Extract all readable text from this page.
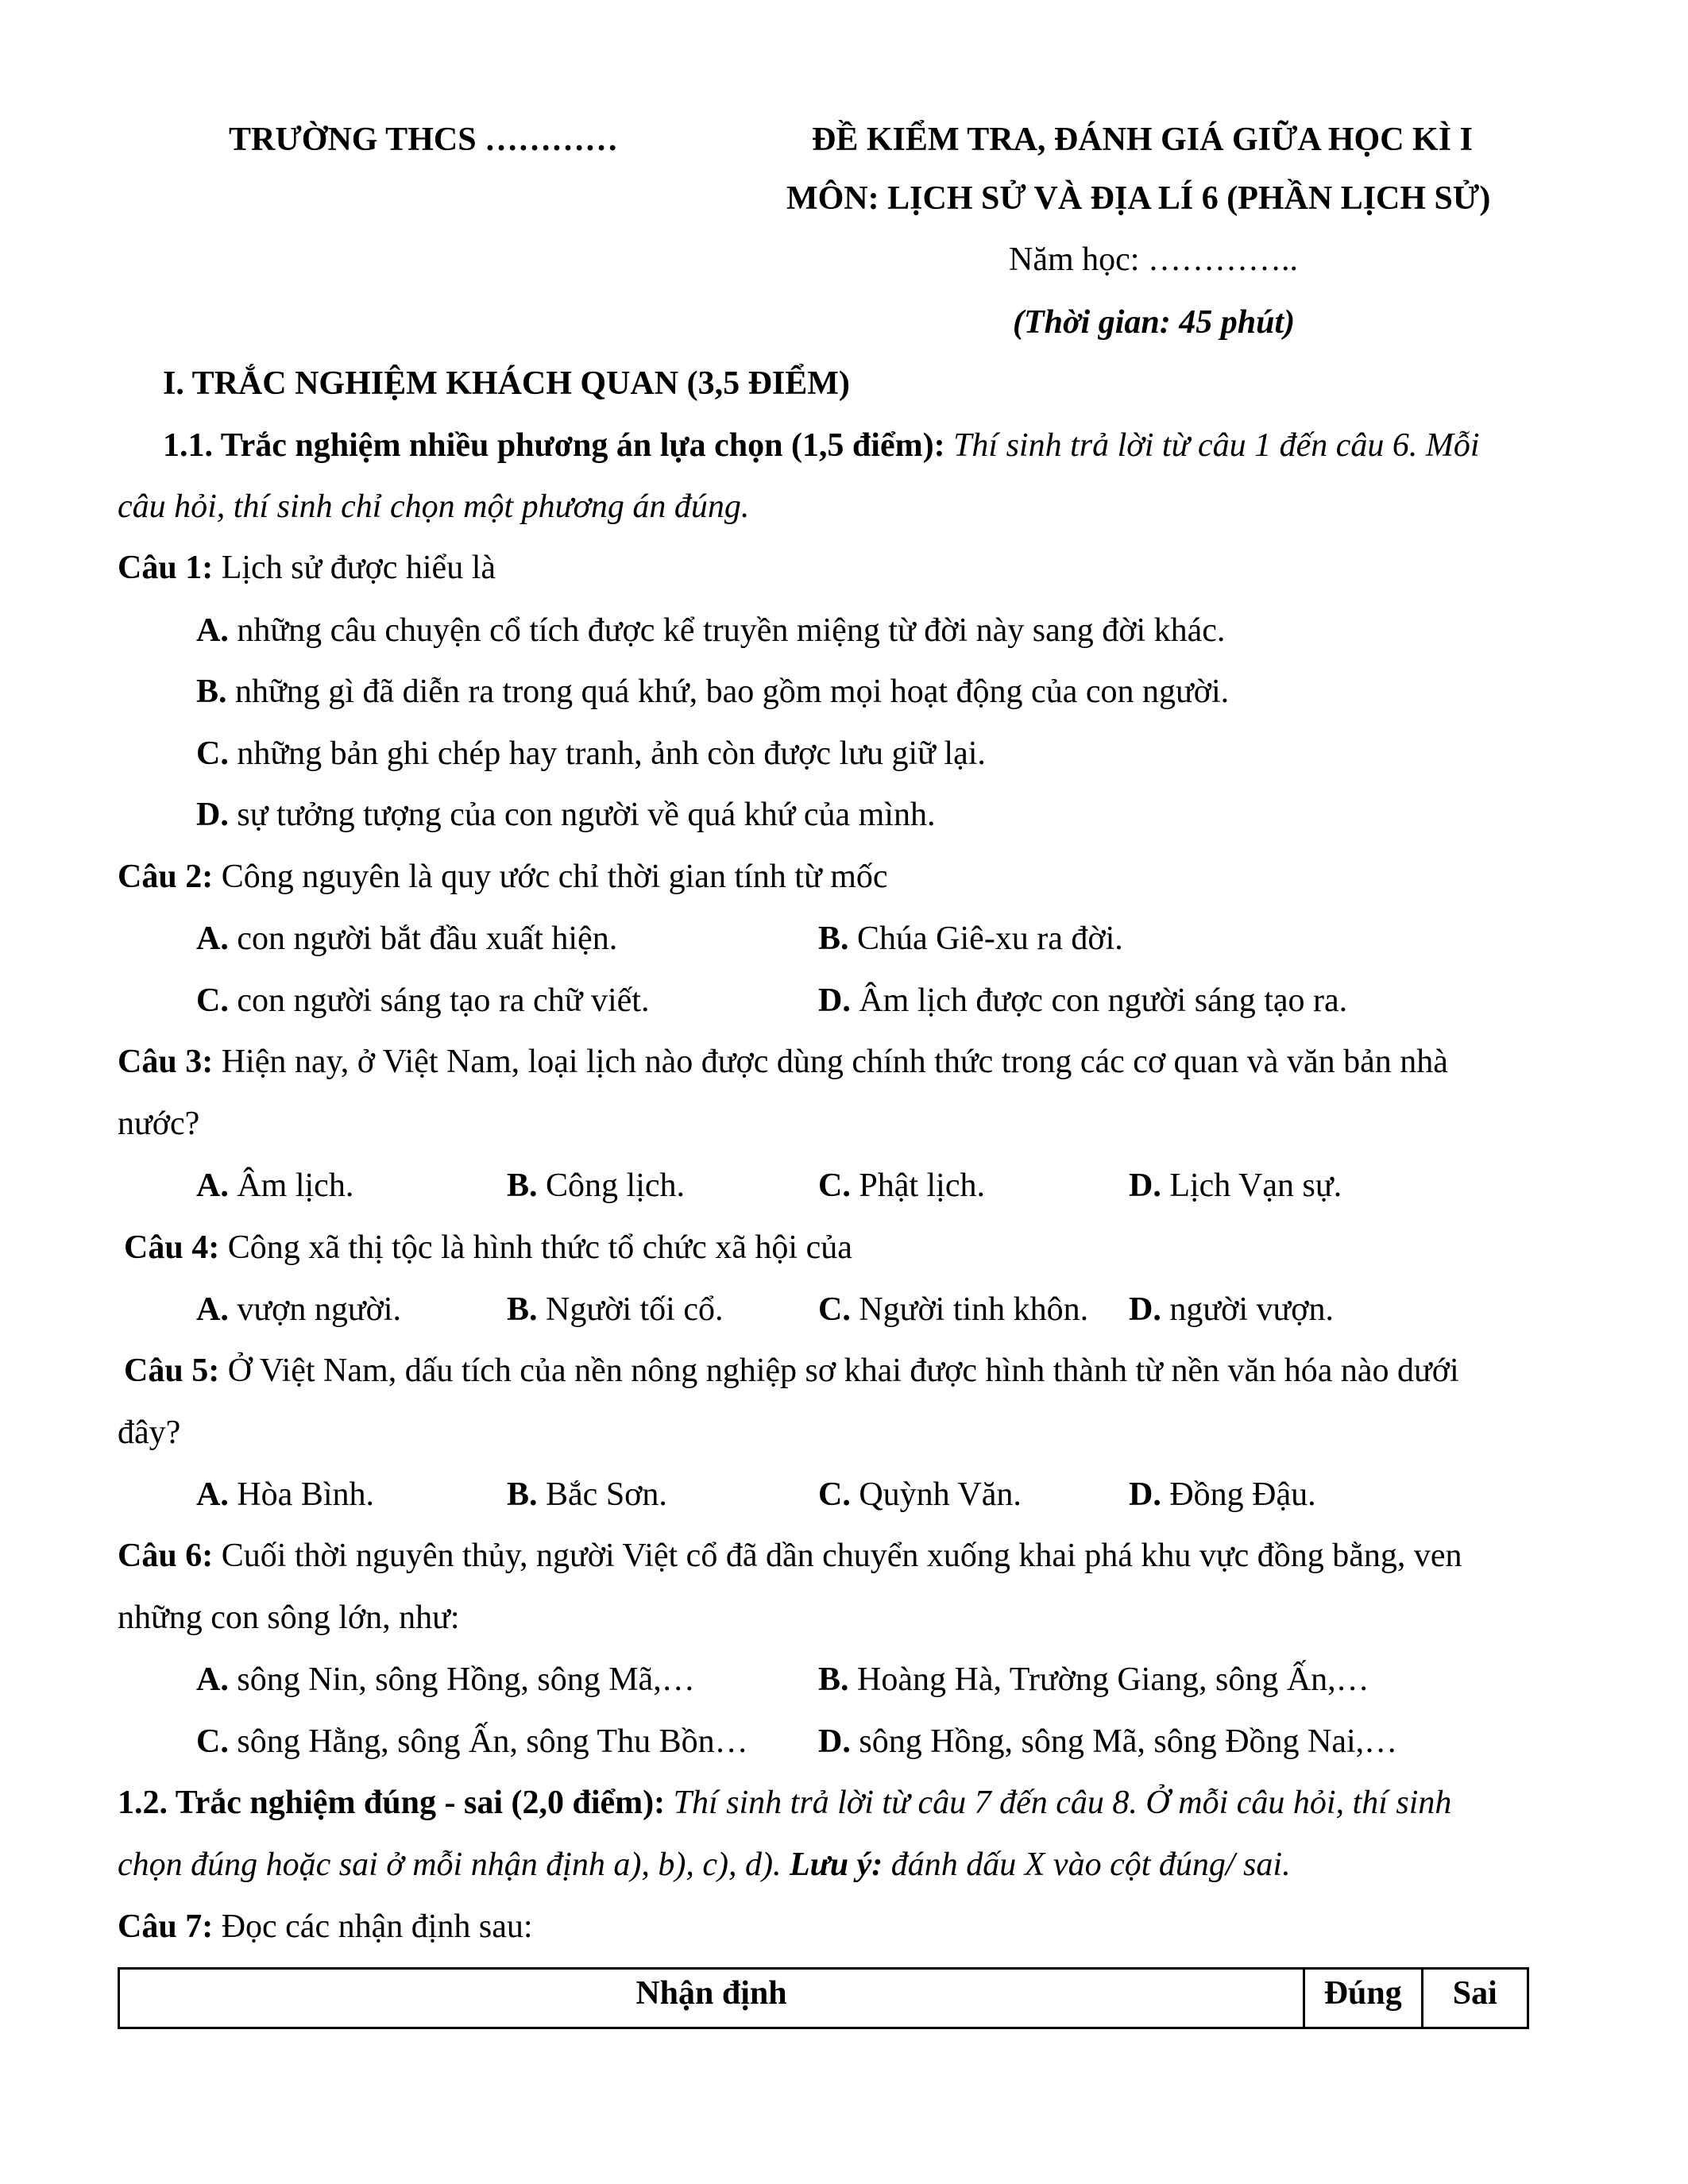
TRƯỜNG THCS …………	ĐỀ KIỂM TRA, ĐÁNH GIÁ GIỮA HỌC KÌ I
MÔN: LỊCH SỬ VÀ ĐỊA LÍ 6 (PHẦN LỊCH SỬ)
Năm học: …………..
(Thời gian: 45 phút)
I. TRẮC NGHIỆM KHÁCH QUAN (3,5 ĐIỂM)
1.1. Trắc nghiệm nhiều phương án lựa chọn (1,5 điểm): Thí sinh trả lời từ câu 1 đến câu 6. Mỗi
câu hỏi, thí sinh chỉ chọn một phương án đúng.
Câu 1: Lịch sử được hiểu là
A. những câu chuyện cổ tích được kể truyền miệng từ đời này sang đời khác.
B. những gì đã diễn ra trong quá khứ, bao gồm mọi hoạt động của con người.
C. những bản ghi chép hay tranh, ảnh còn được lưu giữ lại.
D. sự tưởng tượng của con người về quá khứ của mình.
Câu 2: Công nguyên là quy ước chỉ thời gian tính từ mốc
A. con người bắt đầu xuất hiện.	B. Chúa Giê-xu ra đời.
C. con người sáng tạo ra chữ viết.	D. Âm lịch được con người sáng tạo ra.
Câu 3: Hiện nay, ở Việt Nam, loại lịch nào được dùng chính thức trong các cơ quan và văn bản nhà
nước?
A. Âm lịch.	B. Công lịch.	C. Phật lịch.	D. Lịch Vạn sự.
Câu 4: Công xã thị tộc là hình thức tổ chức xã hội của
A. vượn người.	B. Người tối cổ.	C. Người tinh khôn. D. người vượn.
Câu 5: Ở Việt Nam, dấu tích của nền nông nghiệp sơ khai được hình thành từ nền văn hóa nào dưới
đây?
A. Hòa Bình.	B. Bắc Sơn.	C. Quỳnh Văn.	D. Đồng Đậu.
Câu 6: Cuối thời nguyên thủy, người Việt cổ đã dần chuyển xuống khai phá khu vực đồng bằng, ven
những con sông lớn, như:
A. sông Nin, sông Hồng, sông Mã,…	B. Hoàng Hà, Trường Giang, sông Ấn,…
C. sông Hằng, sông Ấn, sông Thu Bồn… D. sông Hồng, sông Mã, sông Đồng Nai,…
1.2. Trắc nghiệm đúng - sai (2,0 điểm): Thí sinh trả lời từ câu 7 đến câu 8. Ở mỗi câu hỏi, thí sinh
chọn đúng hoặc sai ở mỗi nhận định a), b), c), d). Lưu ý: đánh dấu X vào cột đúng/ sai.
Câu 7: Đọc các nhận định sau:
Nhận định	Đúng	Sai
